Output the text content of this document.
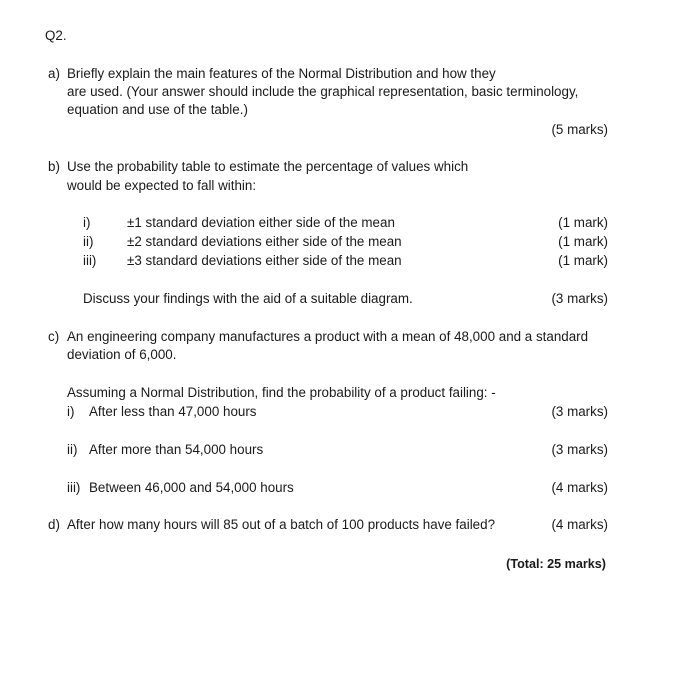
Q2.
a) Briefly explain the main features of the Normal Distribution and how they
are used. (Your answer should include the graphical representation, basic terminology,
equation and use of the table.)
(5 marks)
b) Use the probability table to estimate the percentage of values which
would be expected to fall within:
i)	±1 standard deviation either side of the mean	(1 mark)
ii)	±2 standard deviations either side of the mean	(1 mark)
iii) ±3 standard deviations either side of the mean	(1 mark)
Discuss your findings with the aid of a suitable diagram.	(3 marks)
c) An engineering company manufactures a product with a mean of 48,000 and a standard
deviation of 6,000.
Assuming a Normal Distribution, find the probability of a product failing: -
i) After less than 47,000 hours	(3 marks)
ii) After more than 54,000 hours	(3 marks)
iii) Between 46,000 and 54,000 hours	(4 marks)
d) After how many hours will 85 out of a batch of 100 products have failed?	(4 marks)
(Total: 25 marks)
